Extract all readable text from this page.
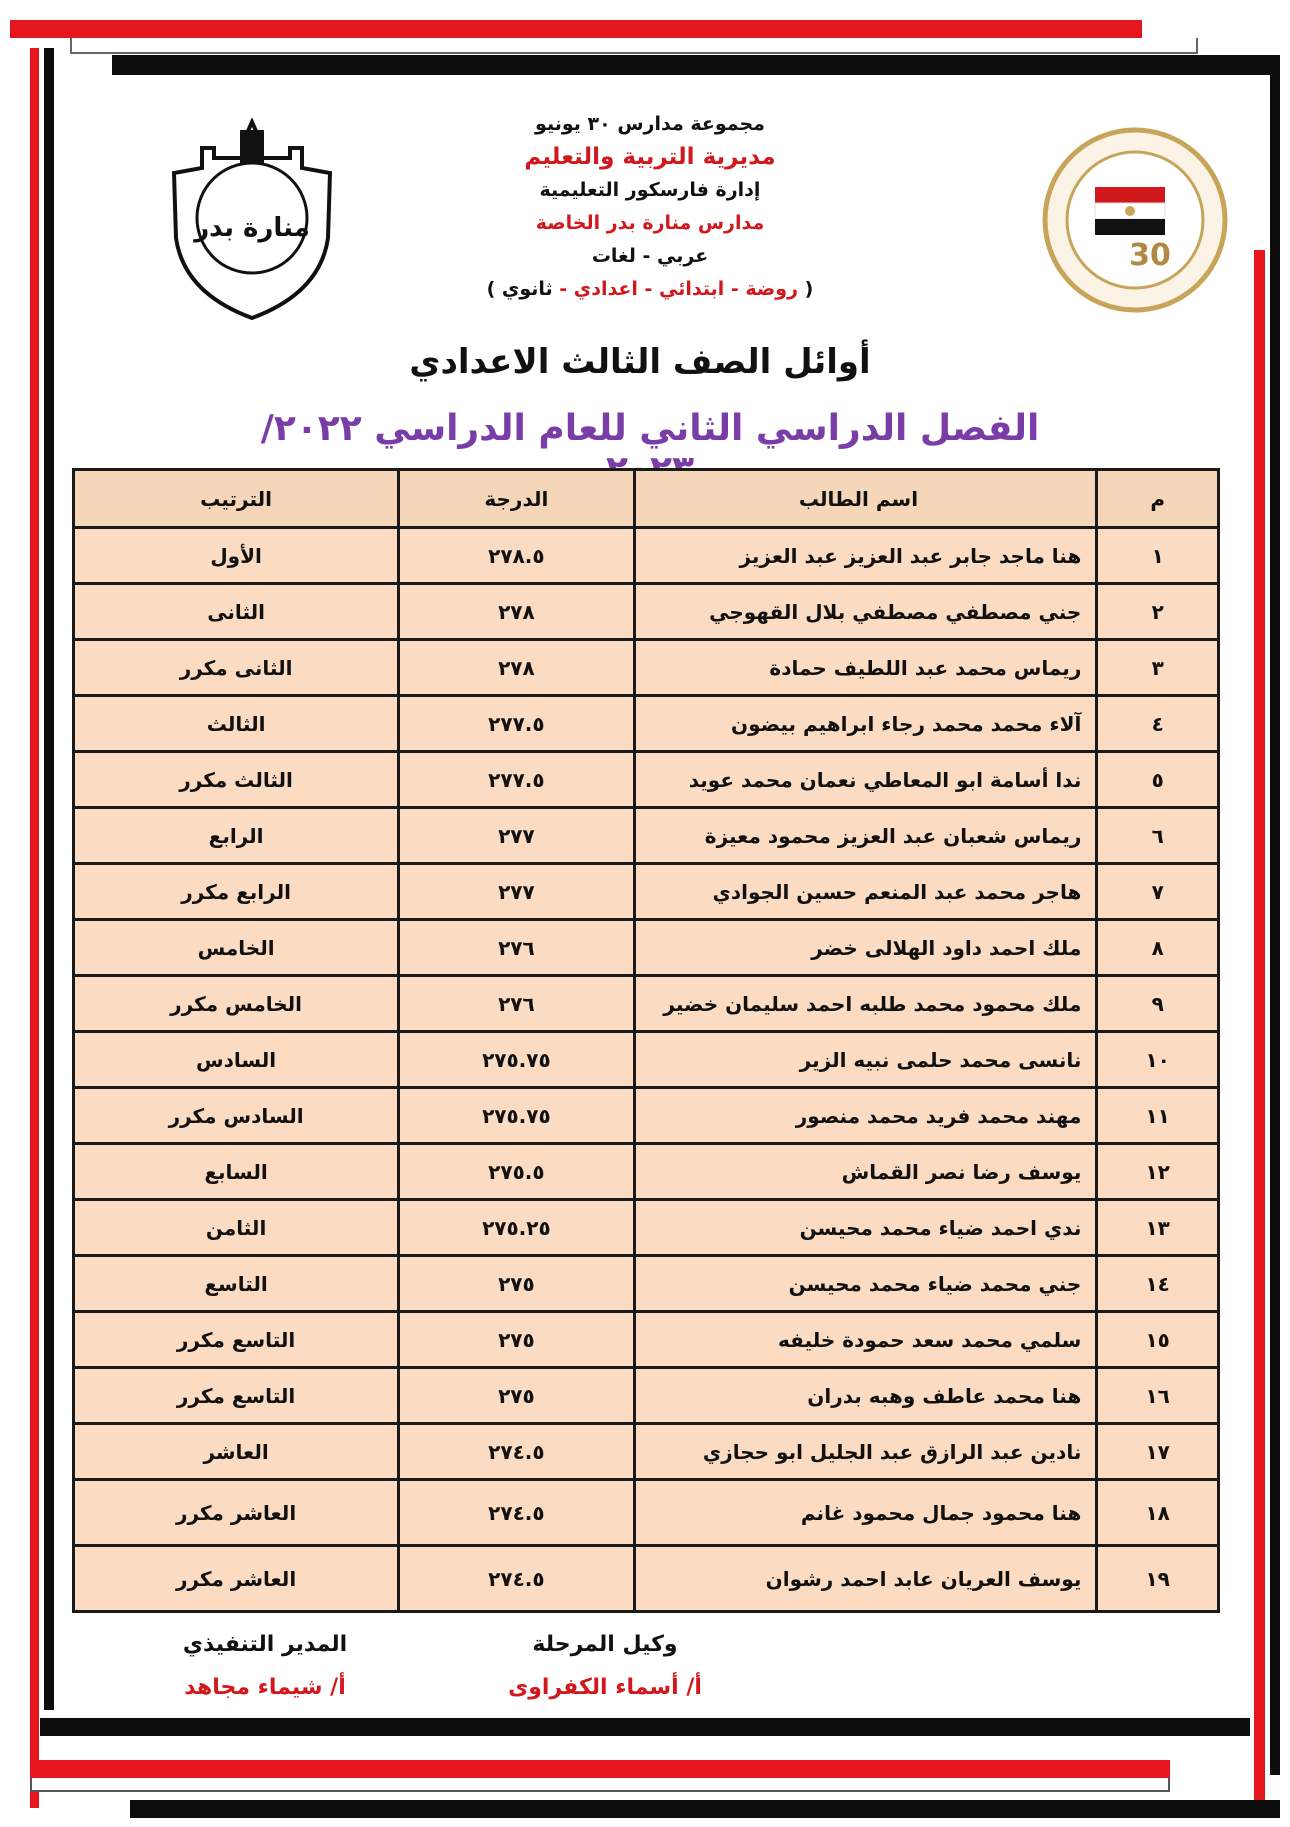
منارة بدر
30
مجموعة مدارس ٣٠ يونيو
مديرية التربية والتعليم
إدارة فارسكور التعليمية
مدارس منارة بدر الخاصة
عربي - لغات
( روضة - ابتدائي - اعدادي - ثانوي )
أوائل الصف الثالث الاعدادي
الفصل الدراسي الثاني للعام الدراسي ٢٠٢٢/
م	اسم الطالب	الدرجة	الترتيب
١	هنا ماجد جابر عبد العزيز عبد العزيز	٢٧٨.٥	الأول
٢	جني مصطفي مصطفي بلال القهوجي	٢٧٨	الثانى
٣	ريماس محمد عبد اللطيف حمادة	٢٧٨	الثانى مكرر
٤	آلاء محمد محمد رجاء ابراهيم بيضون	٢٧٧.٥	الثالث
٥	ندا أسامة ابو المعاطي نعمان محمد عويد	٢٧٧.٥	الثالث مكرر
٦	ريماس شعبان عبد العزيز محمود معيزة	٢٧٧	الرابع
٧	هاجر محمد عبد المنعم حسين الجوادي	٢٧٧	الرابع مكرر
٨	ملك احمد داود الهلالى خضر	٢٧٦	الخامس
٩	ملك محمود محمد طلبه احمد سليمان خضير	٢٧٦	الخامس مكرر
١٠	نانسى محمد حلمى نبيه الزير	٢٧٥.٧٥	السادس
١١	مهند محمد فريد محمد منصور	٢٧٥.٧٥	السادس مكرر
١٢	يوسف رضا نصر القماش	٢٧٥.٥	السابع
١٣	ندي احمد ضياء محمد محيسن	٢٧٥.٢٥	الثامن
١٤	جني محمد ضياء محمد محيسن	٢٧٥	التاسع
١٥	سلمي محمد سعد حمودة خليفه	٢٧٥	التاسع مكرر
١٦	هنا محمد عاطف وهبه بدران	٢٧٥	التاسع مكرر
١٧	نادين عبد الرازق عبد الجليل ابو حجازي	٢٧٤.٥	العاشر
١٨	هنا محمود جمال محمود غانم	٢٧٤.٥	العاشر مكرر
١٩	يوسف العريان عابد احمد رشوان	٢٧٤.٥	العاشر مكرر
وكيل المرحلة
أ/ أسماء الكفراوى
المدير التنفيذي
أ/ شيماء مجاهد
